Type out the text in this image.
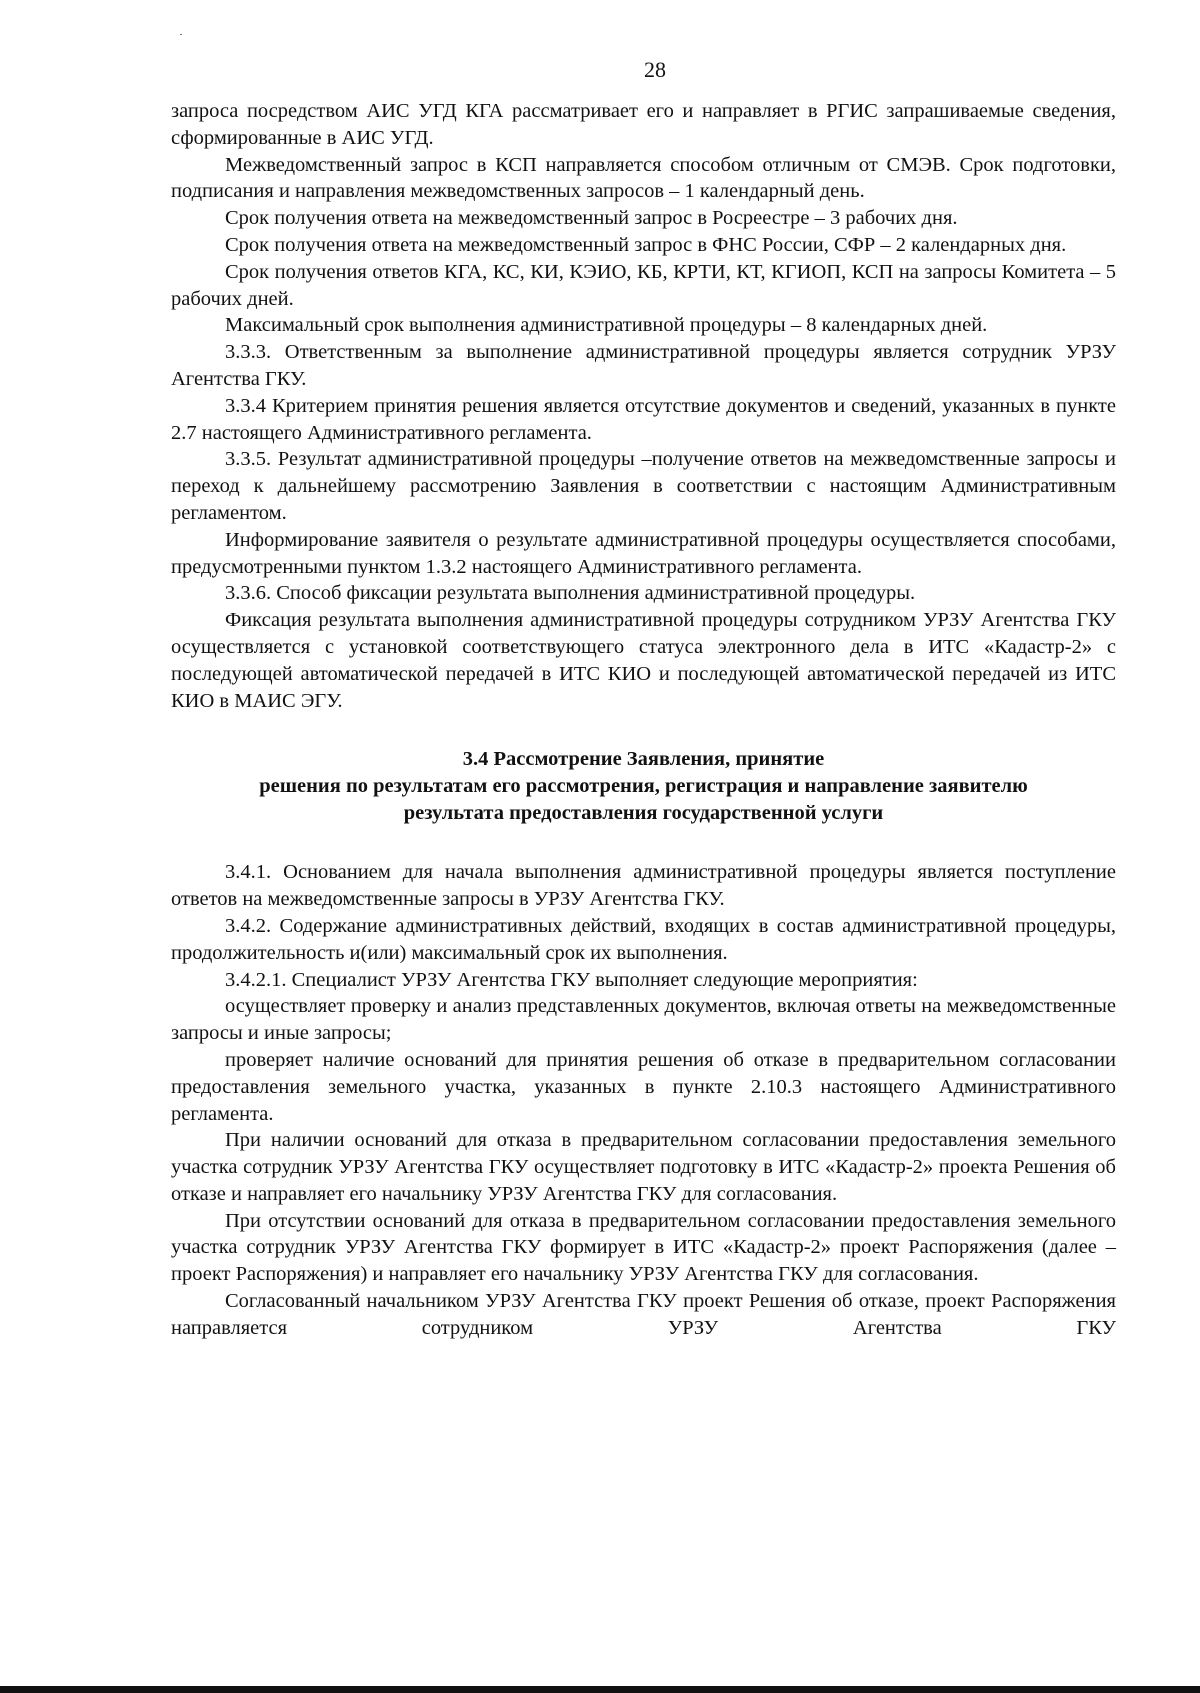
28

запроса посредством АИС УГД КГА рассматривает его и направляет в РГИС запрашиваемые сведения, сформированные в АИС УГД.

Межведомственный запрос в КСП направляется способом отличным от СМЭВ. Срок подготовки, подписания и направления межведомственных запросов – 1 календарный день.

Срок получения ответа на межведомственный запрос в Росреестре – 3 рабочих дня.

Срок получения ответа на межведомственный запрос в ФНС России, СФР – 2 календарных дня.

Срок получения ответов КГА, КС, КИ, КЭИО, КБ, КРТИ, КТ, КГИОП, КСП на запросы Комитета – 5 рабочих дней.

Максимальный срок выполнения административной процедуры – 8 календарных дней.

3.3.3. Ответственным за выполнение административной процедуры является сотрудник УРЗУ Агентства ГКУ.

3.3.4 Критерием принятия решения является отсутствие документов и сведений, указанных в пункте 2.7 настоящего Административного регламента.

3.3.5. Результат административной процедуры –получение ответов на межведомственные запросы и переход к дальнейшему рассмотрению Заявления в соответствии с настоящим Административным регламентом.

Информирование заявителя о результате административной процедуры осуществляется способами, предусмотренными пунктом 1.3.2 настоящего Административного регламента.

3.3.6. Способ фиксации результата выполнения административной процедуры.

Фиксация результата выполнения административной процедуры сотрудником УРЗУ Агентства ГКУ осуществляется с установкой соответствующего статуса электронного дела в ИТС «Кадастр-2» с последующей автоматической передачей в ИТС КИО и последующей автоматической передачей из ИТС КИО в МАИС ЭГУ.

3.4 Рассмотрение Заявления, принятие
решения по результатам его рассмотрения, регистрация и направление заявителю
результата предоставления государственной услуги

3.4.1. Основанием для начала выполнения административной процедуры является поступление ответов на межведомственные запросы в УРЗУ Агентства ГКУ.

3.4.2. Содержание административных действий, входящих в состав административной процедуры, продолжительность и(или) максимальный срок их выполнения.

3.4.2.1. Специалист УРЗУ Агентства ГКУ выполняет следующие мероприятия:

осуществляет проверку и анализ представленных документов, включая ответы на межведомственные запросы и иные запросы;

проверяет наличие оснований для принятия решения об отказе в предварительном согласовании предоставления земельного участка, указанных в пункте 2.10.3 настоящего Административного регламента.

При наличии оснований для отказа в предварительном согласовании предоставления земельного участка сотрудник УРЗУ Агентства ГКУ осуществляет подготовку в ИТС «Кадастр-2» проекта Решения об отказе и направляет его начальнику УРЗУ Агентства ГКУ для согласования.

При отсутствии оснований для отказа в предварительном согласовании предоставления земельного участка сотрудник УРЗУ Агентства ГКУ формирует в ИТС «Кадастр-2» проект Распоряжения (далее – проект Распоряжения) и направляет его начальнику УРЗУ Агентства ГКУ для согласования.

Согласованный начальником УРЗУ Агентства ГКУ проект Решения об отказе, проект Распоряжения направляется сотрудником УРЗУ Агентства ГКУ
